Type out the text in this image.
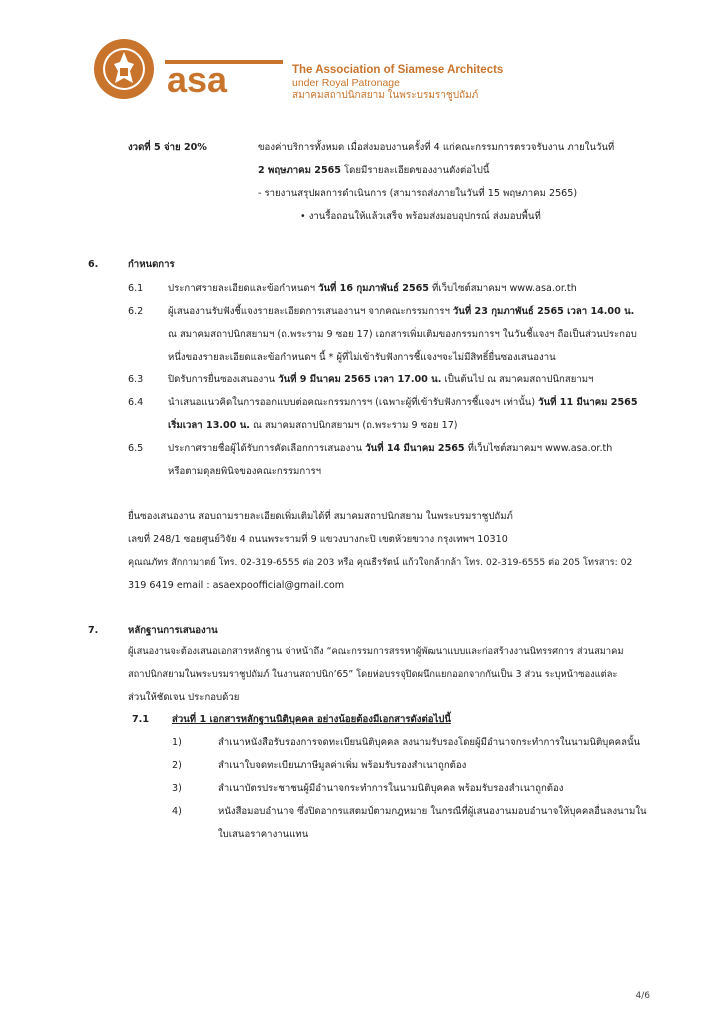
asa	The Association of Siamese Architects
under Royal Patronage
สมาคมสถาปนิกสยาม ในพระบรมราชูปถัมภ์
งวดที่ 5 จ่าย 20%	ของค่าบริการทั้งหมด เมื่อส่งมอบงานครั้งที่ 4 แก่คณะกรรมการตรวจรับงาน ภายในวันที่
2 พฤษภาคม 2565 โดยมีรายละเอียดของงานดังต่อไปนี้
- รายงานสรุปผลการดำเนินการ (สามารถส่งภายในวันที่ 15 พฤษภาคม 2565)
• งานรื้อถอนให้แล้วเสร็จ พร้อมส่งมอบอุปกรณ์ ส่งมอบพื้นที่
6.	กำหนดการ
6.1	ประกาศรายละเอียดและข้อกำหนดฯ วันที่ 16 กุมภาพันธ์ 2565 ที่เว็บไซต์สมาคมฯ www.asa.or.th
6.2	ผู้เสนองานรับฟังชี้แจงรายละเอียดการเสนองานฯ จากคณะกรรมการฯ วันที่ 23 กุมภาพันธ์ 2565 เวลา 14.00 น.
ณ สมาคมสถาปนิกสยามฯ (ถ.พระราม 9 ซอย 17) เอกสารเพิ่มเติมของกรรมการฯ ในวันชี้แจงฯ ถือเป็นส่วนประกอบ
หนึ่งของรายละเอียดและข้อกำหนดฯ นี้ * ผู้ที่ไม่เข้ารับฟังการชี้แจงฯจะไม่มีสิทธิ์ยื่นซองเสนองาน
6.3	ปิดรับการยื่นซองเสนองาน วันที่ 9 มีนาคม 2565 เวลา 17.00 น. เป็นต้นไป ณ สมาคมสถาปนิกสยามฯ
6.4	นำเสนอแนวคิดในการออกแบบต่อคณะกรรมการฯ (เฉพาะผู้ที่เข้ารับฟังการชี้แจงฯ เท่านั้น) วันที่ 11 มีนาคม 2565
เริ่มเวลา 13.00 น. ณ สมาคมสถาปนิกสยามฯ (ถ.พระราม 9 ซอย 17)
6.5	ประกาศรายชื่อผู้ได้รับการคัดเลือกการเสนองาน วันที่ 14 มีนาคม 2565 ที่เว็บไซต์สมาคมฯ www.asa.or.th
หรือตามดุลยพินิจของคณะกรรมการฯ
ยื่นซองเสนองาน สอบถามรายละเอียดเพิ่มเติมได้ที่ สมาคมสถาปนิกสยาม ในพระบรมราชูปถัมภ์
เลขที่ 248/1 ซอยศูนย์วิจัย 4 ถนนพระรามที่ 9 แขวงบางกะปิ เขตห้วยขวาง กรุงเทพฯ 10310
คุณณภัทร สักกามาตย์ โทร. 02-319-6555 ต่อ 203 หรือ คุณธีรรัตน์ แก้วใจกล้ากล้า โทร. 02-319-6555 ต่อ 205 โทรสาร: 02
319 6419 email : asaexpoofficial@gmail.com
7.	หลักฐานการเสนองาน
ผู้เสนองานจะต้องเสนอเอกสารหลักฐาน จ่าหน้าถึง “คณะกรรมการสรรหาผู้พัฒนาแบบและก่อสร้างงานนิทรรศการ ส่วนสมาคม
สถาปนิกสยามในพระบรมราชูปถัมภ์ ในงานสถาปนิก’65” โดยห่อบรรจุปิดผนึกแยกออกจากกันเป็น 3 ส่วน ระบุหน้าซองแต่ละ
ส่วนให้ชัดเจน ประกอบด้วย
7.1 ส่วนที่ 1 เอกสารหลักฐานนิติบุคคล อย่างน้อยต้องมีเอกสารดังต่อไปนี้
1)	สำเนาหนังสือรับรองการจดทะเบียนนิติบุคคล ลงนามรับรองโดยผู้มีอำนาจกระทำการในนามนิติบุคคลนั้น
2)	สำเนาใบจดทะเบียนภาษีมูลค่าเพิ่ม พร้อมรับรองสำเนาถูกต้อง
3)	สำเนาบัตรประชาชนผู้มีอำนาจกระทำการในนามนิติบุคคล พร้อมรับรองสำเนาถูกต้อง
4)	หนังสือมอบอำนาจ ซึ่งปิดอากรแสตมป์ตามกฎหมาย ในกรณีที่ผู้เสนองานมอบอำนาจให้บุคคลอื่นลงนามใน
ใบเสนอราคางานแทน
4/6
